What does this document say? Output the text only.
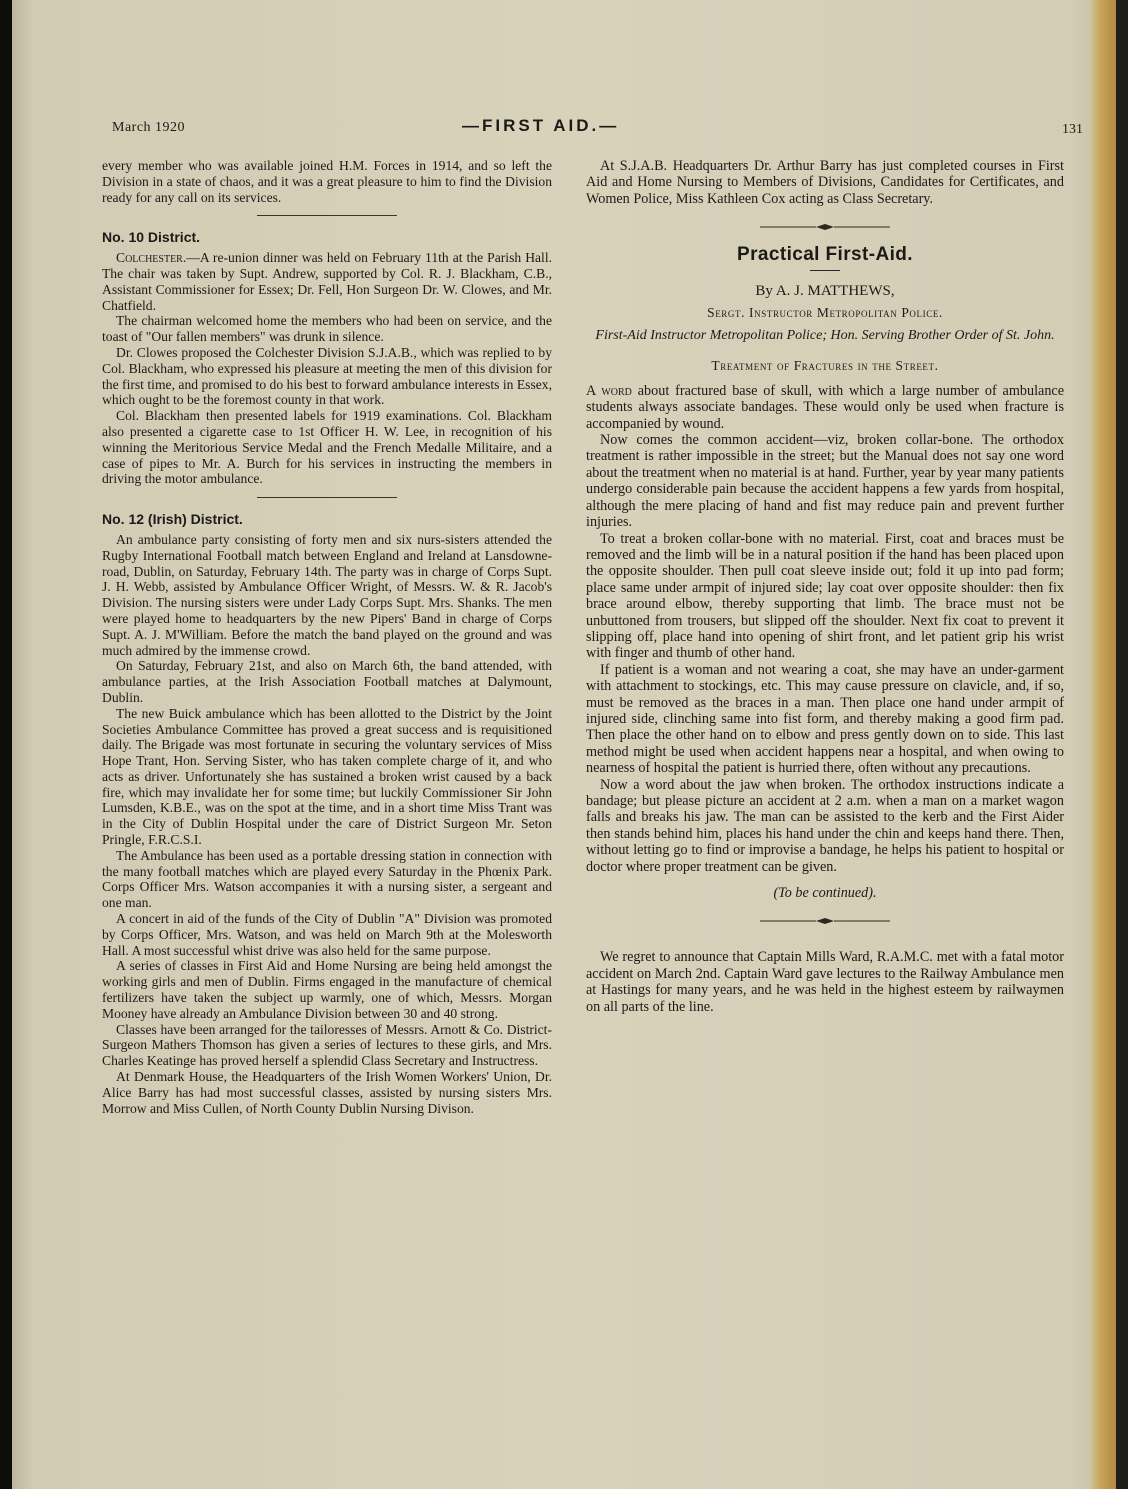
March 1920	—FIRST AID.—	131

every member who was available joined H.M. Forces in 1914, and so left the Division in a state of chaos, and it was a great pleasure to him to find the Division ready for any call on its services.

No. 10 District.

Colchester.—A re-union dinner was held on February 11th at the Parish Hall. The chair was taken by Supt. Andrew, supported by Col. R. J. Blackham, C.B., Assistant Commissioner for Essex; Dr. Fell, Hon Surgeon Dr. W. Clowes, and Mr. Chatfield.

The chairman welcomed home the members who had been on service, and the toast of "Our fallen members" was drunk in silence.

Dr. Clowes proposed the Colchester Division S.J.A.B., which was replied to by Col. Blackham, who expressed his pleasure at meeting the men of this division for the first time, and promised to do his best to forward ambulance interests in Essex, which ought to be the foremost county in that work.

Col. Blackham then presented labels for 1919 examinations. Col. Blackham also presented a cigarette case to 1st Officer H. W. Lee, in recognition of his winning the Meritorious Service Medal and the French Medalle Militaire, and a case of pipes to Mr. A. Burch for his services in instructing the members in driving the motor ambulance.

No. 12 (Irish) District.

An ambulance party consisting of forty men and six nurs-sisters attended the Rugby International Football match between England and Ireland at Lansdowne-road, Dublin, on Saturday, February 14th. The party was in charge of Corps Supt. J. H. Webb, assisted by Ambulance Officer Wright, of Messrs. W. & R. Jacob's Division. The nursing sisters were under Lady Corps Supt. Mrs. Shanks. The men were played home to headquarters by the new Pipers' Band in charge of Corps Supt. A. J. M'William. Before the match the band played on the ground and was much admired by the immense crowd.

On Saturday, February 21st, and also on March 6th, the band attended, with ambulance parties, at the Irish Association Football matches at Dalymount, Dublin.

The new Buick ambulance which has been allotted to the District by the Joint Societies Ambulance Committee has proved a great success and is requisitioned daily. The Brigade was most fortunate in securing the voluntary services of Miss Hope Trant, Hon. Serving Sister, who has taken complete charge of it, and who acts as driver. Unfortunately she has sustained a broken wrist caused by a back fire, which may invalidate her for some time; but luckily Commissioner Sir John Lumsden, K.B.E., was on the spot at the time, and in a short time Miss Trant was in the City of Dublin Hospital under the care of District Surgeon Mr. Seton Pringle, F.R.C.S.I.

The Ambulance has been used as a portable dressing station in connection with the many football matches which are played every Saturday in the Phœnix Park. Corps Officer Mrs. Watson accompanies it with a nursing sister, a sergeant and one man.

A concert in aid of the funds of the City of Dublin "A" Division was promoted by Corps Officer, Mrs. Watson, and was held on March 9th at the Molesworth Hall. A most successful whist drive was also held for the same purpose.

A series of classes in First Aid and Home Nursing are being held amongst the working girls and men of Dublin. Firms engaged in the manufacture of chemical fertilizers have taken the subject up warmly, one of which, Messrs. Morgan Mooney have already an Ambulance Division between 30 and 40 strong.

Classes have been arranged for the tailoresses of Messrs. Arnott & Co. District-Surgeon Mathers Thomson has given a series of lectures to these girls, and Mrs. Charles Keatinge has proved herself a splendid Class Secretary and Instructress.

At Denmark House, the Headquarters of the Irish Women Workers' Union, Dr. Alice Barry has had most successful classes, assisted by nursing sisters Mrs. Morrow and Miss Cullen, of North County Dublin Nursing Divison.

At S.J.A.B. Headquarters Dr. Arthur Barry has just completed courses in First Aid and Home Nursing to Members of Divisions, Candidates for Certificates, and Women Police, Miss Kathleen Cox acting as Class Secretary.

Practical First-Aid.
By A. J. MATTHEWS,
Sergt. Instructor Metropolitan Police.
First-Aid Instructor Metropolitan Police; Hon. Serving Brother Order of St. John.
Treatment of Fractures in the Street.

A word about fractured base of skull, with which a large number of ambulance students always associate bandages. These would only be used when fracture is accompanied by wound.

Now comes the common accident—viz, broken collar-bone. The orthodox treatment is rather impossible in the street; but the Manual does not say one word about the treatment when no material is at hand. Further, year by year many patients undergo considerable pain because the accident happens a few yards from hospital, although the mere placing of hand and fist may reduce pain and prevent further injuries.

To treat a broken collar-bone with no material. First, coat and braces must be removed and the limb will be in a natural position if the hand has been placed upon the opposite shoulder. Then pull coat sleeve inside out; fold it up into pad form; place same under armpit of injured side; lay coat over opposite shoulder: then fix brace around elbow, thereby supporting that limb. The brace must not be unbuttoned from trousers, but slipped off the shoulder. Next fix coat to prevent it slipping off, place hand into opening of shirt front, and let patient grip his wrist with finger and thumb of other hand.

If patient is a woman and not wearing a coat, she may have an under-garment with attachment to stockings, etc. This may cause pressure on clavicle, and, if so, must be removed as the braces in a man. Then place one hand under armpit of injured side, clinching same into fist form, and thereby making a good firm pad. Then place the other hand on to elbow and press gently down on to side. This last method might be used when accident happens near a hospital, and when owing to nearness of hospital the patient is hurried there, often without any precautions.

Now a word about the jaw when broken. The orthodox instructions indicate a bandage; but please picture an accident at 2 a.m. when a man on a market wagon falls and breaks his jaw. The man can be assisted to the kerb and the First Aider then stands behind him, places his hand under the chin and keeps hand there. Then, without letting go to find or improvise a bandage, he helps his patient to hospital or doctor where proper treatment can be given.

(To be continued).

We regret to announce that Captain Mills Ward, R.A.M.C. met with a fatal motor accident on March 2nd. Captain Ward gave lectures to the Railway Ambulance men at Hastings for many years, and he was held in the highest esteem by railwaymen on all parts of the line.
